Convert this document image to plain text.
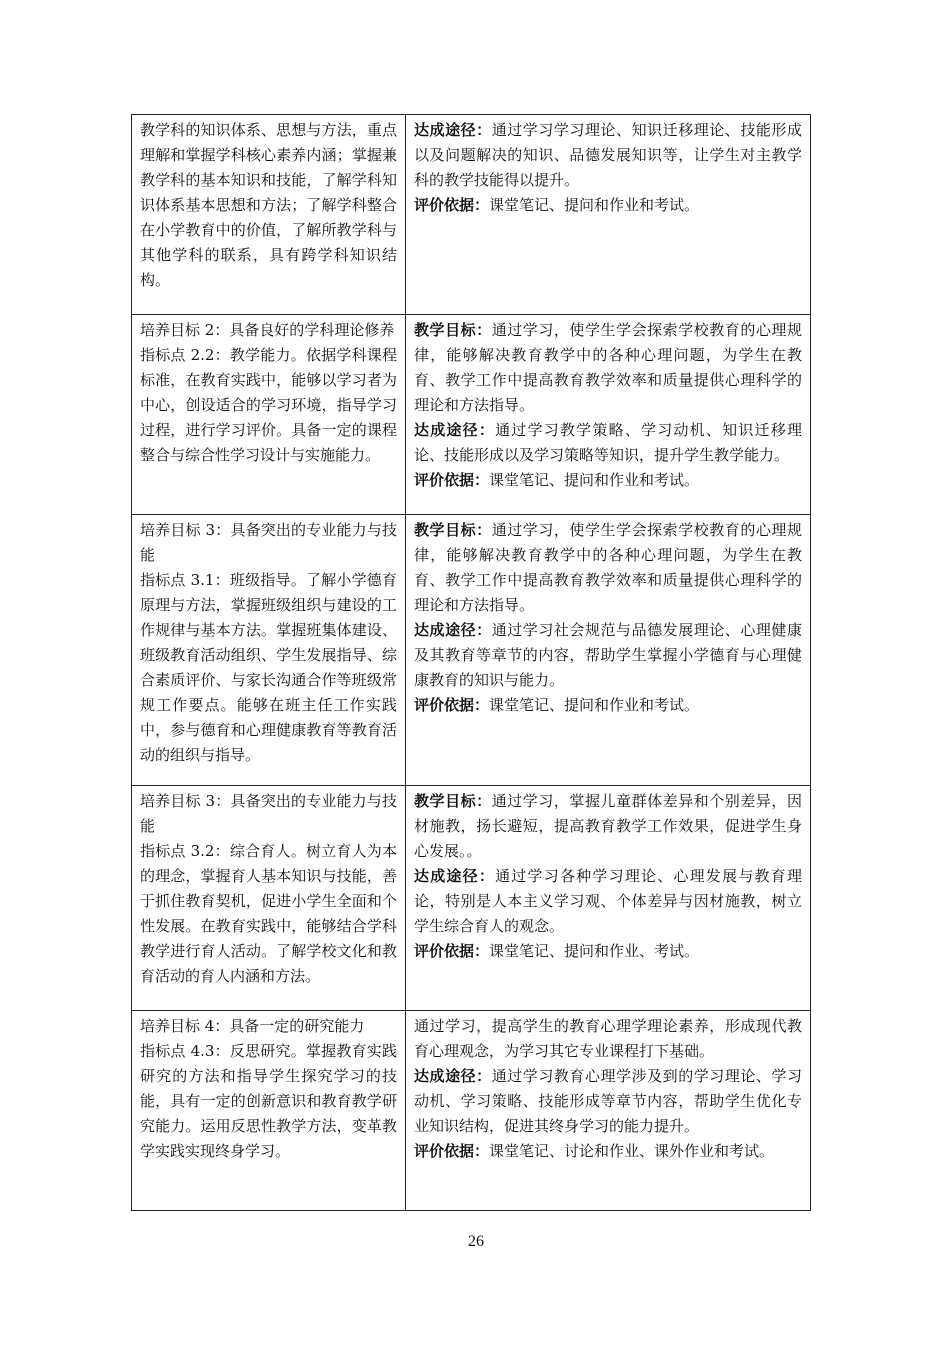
教学科的知识体系、思想与方法，重点理解和掌握学科核心素养内涵；掌握兼教学科的基本知识和技能，了解学科知识体系基本思想和方法；了解学科整合在小学教育中的价值，了解所教学科与其他学科的联系，具有跨学科知识结构。	达成途径：通过学习学习理论、知识迁移理论、技能形成以及问题解决的知识、品德发展知识等，让学生对主教学科的教学技能得以提升。
评价依据：课堂笔记、提问和作业和考试。

培养目标 2：具备良好的学科理论修养
指标点 2.2：教学能力。依据学科课程标准，在教育实践中，能够以学习者为中心，创设适合的学习环境，指导学习过程，进行学习评价。具备一定的课程整合与综合性学习设计与实施能力。	教学目标：通过学习，使学生学会探索学校教育的心理规律，能够解决教育教学中的各种心理问题，为学生在教育、教学工作中提高教育教学效率和质量提供心理科学的理论和方法指导。
达成途径：通过学习教学策略、学习动机、知识迁移理论、技能形成以及学习策略等知识，提升学生教学能力。
评价依据：课堂笔记、提问和作业和考试。

培养目标 3：具备突出的专业能力与技能
指标点 3.1：班级指导。了解小学德育原理与方法，掌握班级组织与建设的工作规律与基本方法。掌握班集体建设、班级教育活动组织、学生发展指导、综合素质评价、与家长沟通合作等班级常规工作要点。能够在班主任工作实践中，参与德育和心理健康教育等教育活动的组织与指导。	教学目标：通过学习，使学生学会探索学校教育的心理规律，能够解决教育教学中的各种心理问题，为学生在教育、教学工作中提高教育教学效率和质量提供心理科学的理论和方法指导。
达成途径：通过学习社会规范与品德发展理论、心理健康及其教育等章节的内容，帮助学生掌握小学德育与心理健康教育的知识与能力。
评价依据：课堂笔记、提问和作业和考试。

培养目标 3：具备突出的专业能力与技能
指标点 3.2：综合育人。树立育人为本的理念，掌握育人基本知识与技能，善于抓住教育契机，促进小学生全面和个性发展。在教育实践中，能够结合学科教学进行育人活动。了解学校文化和教育活动的育人内涵和方法。	教学目标：通过学习，掌握儿童群体差异和个别差异，因材施教，扬长避短，提高教育教学工作效果，促进学生身心发展。。
达成途径：通过学习各种学习理论、心理发展与教育理论，特别是人本主义学习观、个体差异与因材施教，树立学生综合育人的观念。
评价依据：课堂笔记、提问和作业、考试。

培养目标 4：具备一定的研究能力
指标点 4.3：反思研究。掌握教育实践研究的方法和指导学生探究学习的技能，具有一定的创新意识和教育教学研究能力。运用反思性教学方法，变革教学实践实现终身学习。	通过学习，提高学生的教育心理学理论素养，形成现代教育心理观念，为学习其它专业课程打下基础。
达成途径：通过学习教育心理学涉及到的学习理论、学习动机、学习策略、技能形成等章节内容，帮助学生优化专业知识结构，促进其终身学习的能力提升。
评价依据：课堂笔记、讨论和作业、课外作业和考试。
26
